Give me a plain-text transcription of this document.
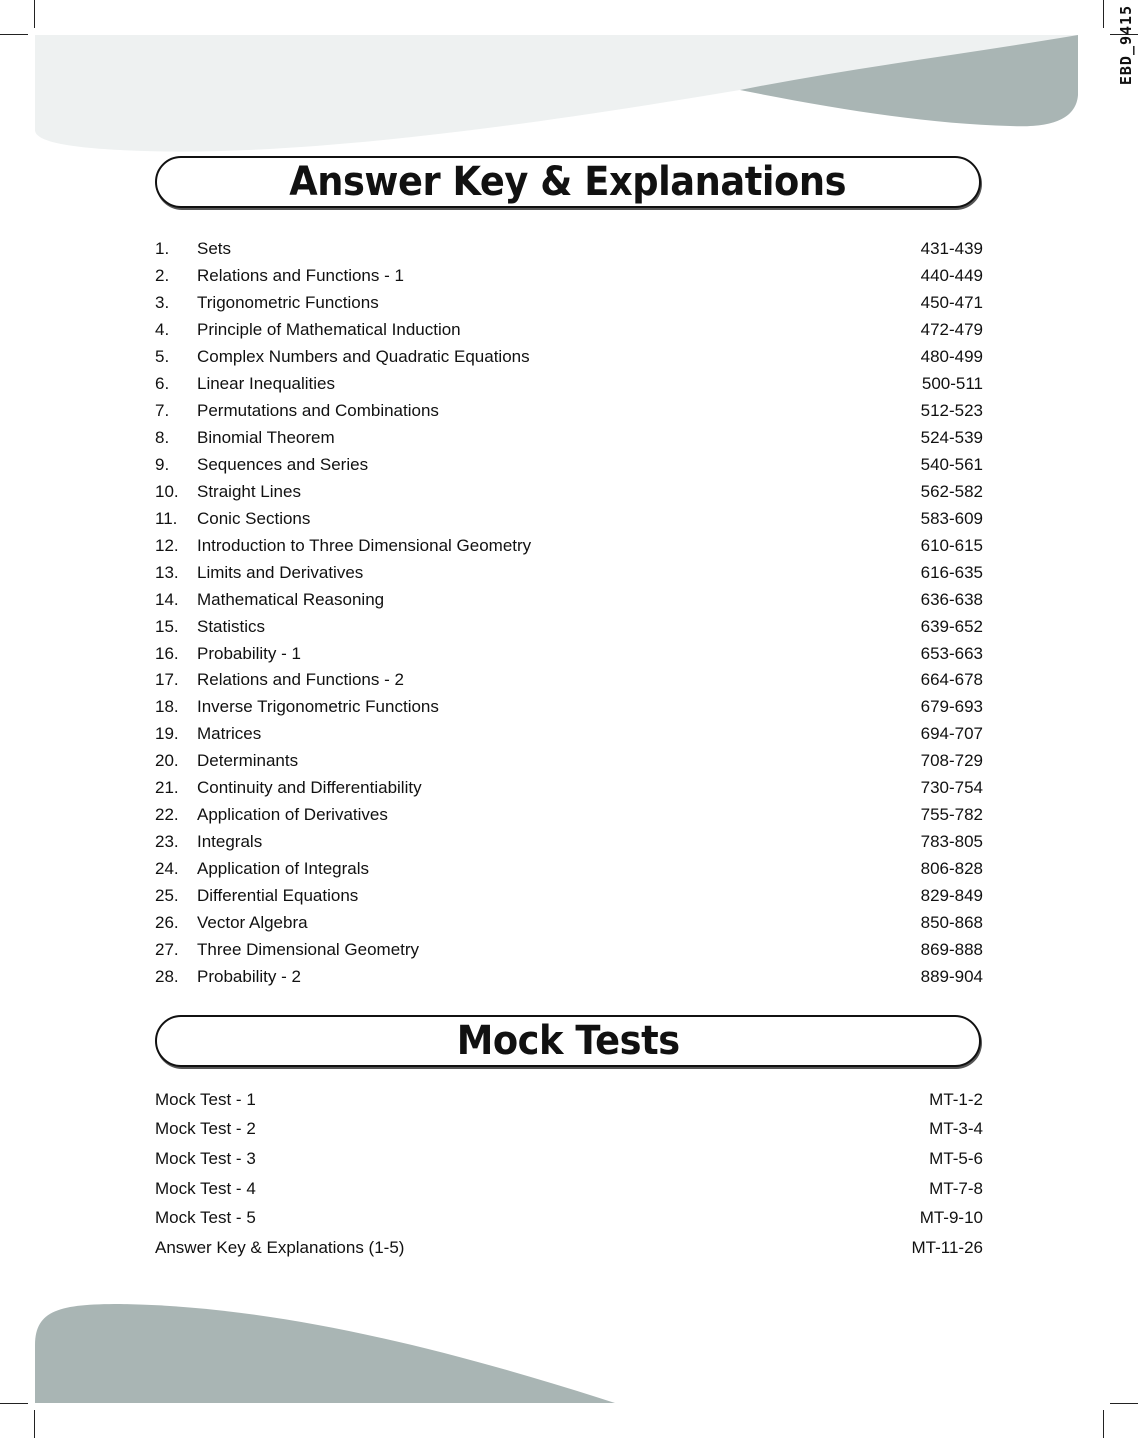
EBD_9415
Answer Key & Explanations
1.	Sets	431-439
2.	Relations and Functions - 1	440-449
3.	Trigonometric Functions	450-471
4.	Principle of Mathematical Induction	472-479
5.	Complex Numbers and Quadratic Equations	480-499
6.	Linear Inequalities	500-511
7.	Permutations and Combinations	512-523
8.	Binomial Theorem	524-539
9.	Sequences and Series	540-561
10.	Straight Lines	562-582
11.	Conic Sections	583-609
12.	Introduction to Three Dimensional Geometry	610-615
13.	Limits and Derivatives	616-635
14.	Mathematical Reasoning	636-638
15.	Statistics	639-652
16.	Probability - 1	653-663
17.	Relations and Functions - 2	664-678
18.	Inverse Trigonometric Functions	679-693
19.	Matrices	694-707
20.	Determinants	708-729
21.	Continuity and Differentiability	730-754
22.	Application of Derivatives	755-782
23.	Integrals	783-805
24.	Application of Integrals	806-828
25.	Differential Equations	829-849
26.	Vector Algebra	850-868
27.	Three Dimensional Geometry	869-888
28.	Probability - 2	889-904
Mock Tests
Mock Test - 1	MT-1-2
Mock Test - 2	MT-3-4
Mock Test - 3	MT-5-6
Mock Test - 4	MT-7-8
Mock Test - 5	MT-9-10
Answer Key & Explanations (1-5)	MT-11-26
